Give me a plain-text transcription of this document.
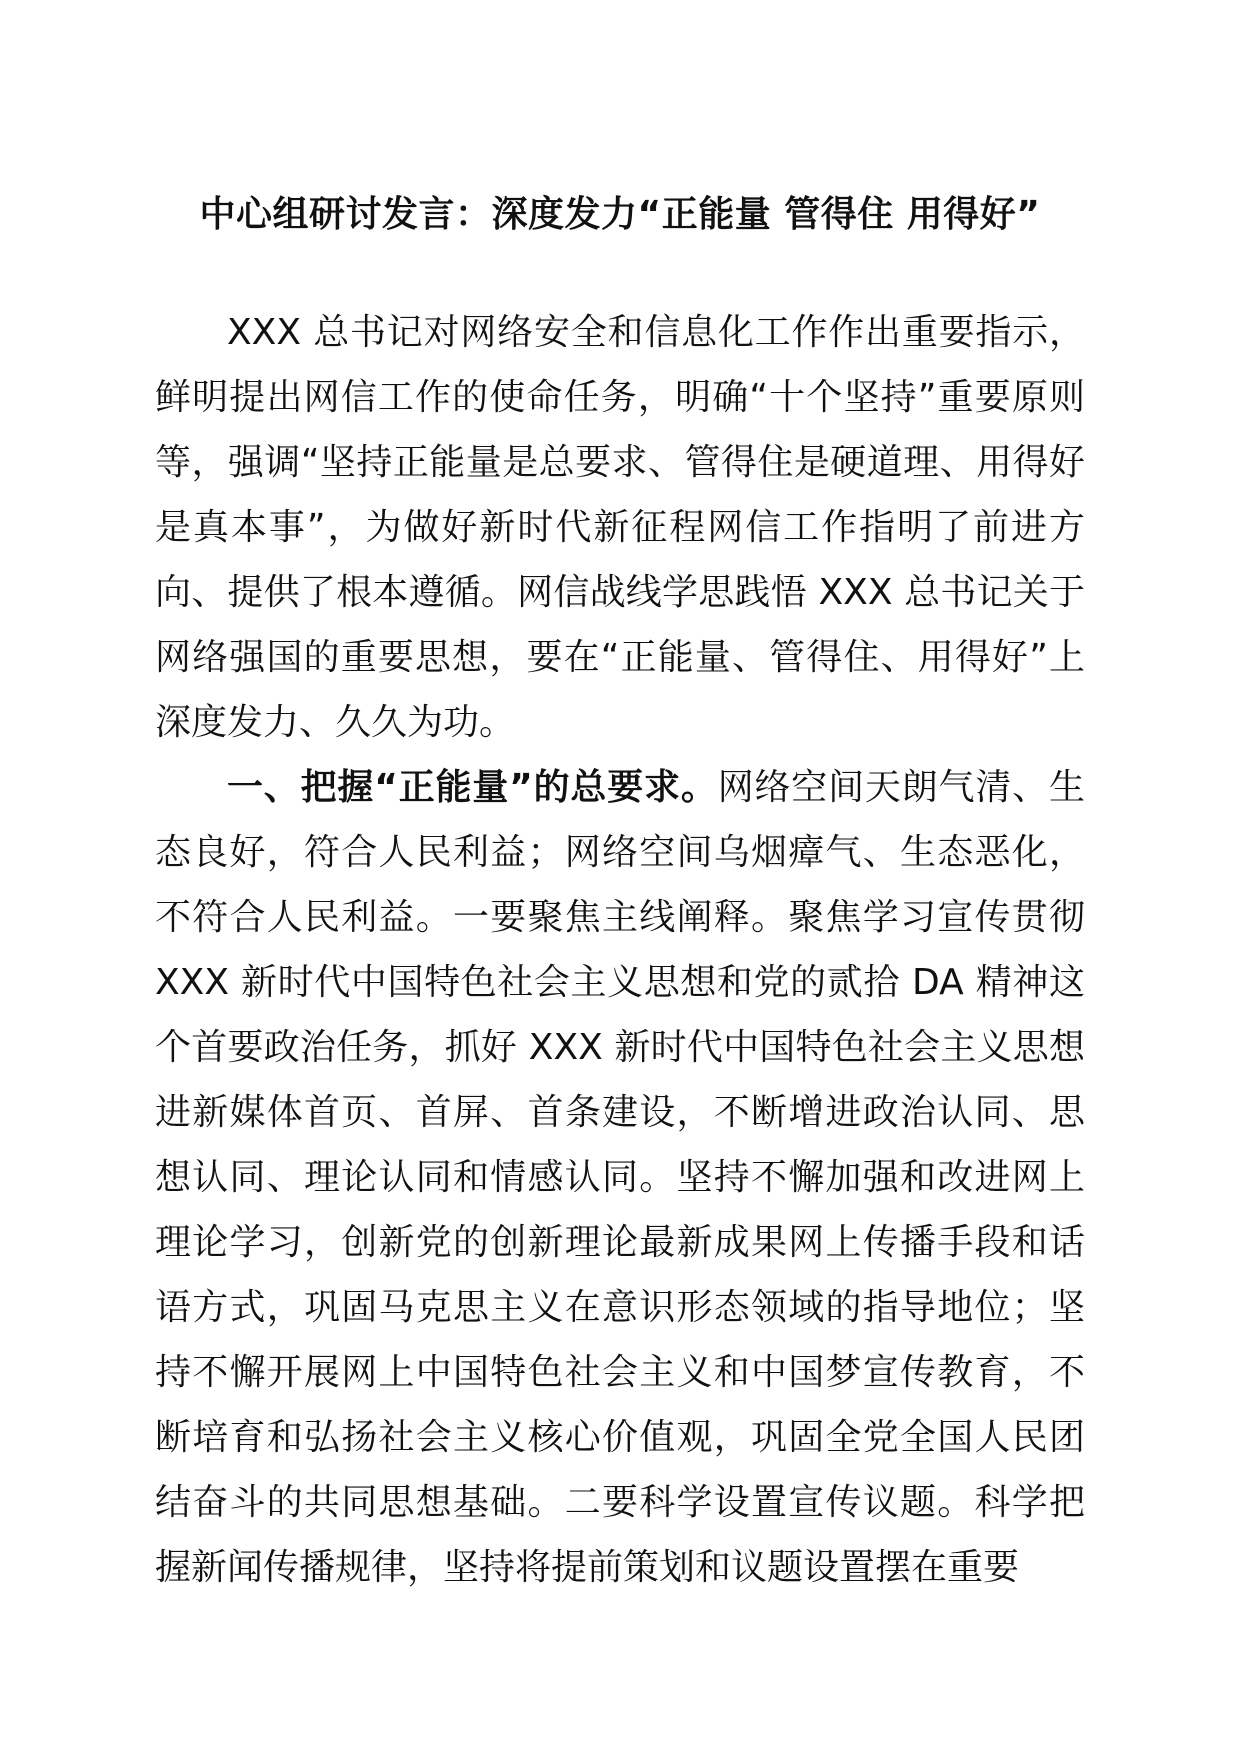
中心组研讨发言：深度发力“正能量 管得住 用得好”

XXX 总书记对网络安全和信息化工作作出重要指示，鲜明提出网信工作的使命任务，明确“十个坚持”重要原则等，强调“坚持正能量是总要求、管得住是硬道理、用得好是真本事”，为做好新时代新征程网信工作指明了前进方向、提供了根本遵循。网信战线学思践悟 XXX 总书记关于网络强国的重要思想，要在“正能量、管得住、用得好”上深度发力、久久为功。

一、把握“正能量”的总要求。网络空间天朗气清、生态良好，符合人民利益；网络空间乌烟瘴气、生态恶化，不符合人民利益。一要聚焦主线阐释。聚焦学习宣传贯彻 XXX 新时代中国特色社会主义思想和党的贰拾 DA 精神这个首要政治任务，抓好 XXX 新时代中国特色社会主义思想进新媒体首页、首屏、首条建设，不断增进政治认同、思想认同、理论认同和情感认同。坚持不懈加强和改进网上理论学习，创新党的创新理论最新成果网上传播手段和话语方式，巩固马克思主义在意识形态领域的指导地位；坚持不懈开展网上中国特色社会主义和中国梦宣传教育，不断培育和弘扬社会主义核心价值观，巩固全党全国人民团结奋斗的共同思想基础。二要科学设置宣传议题。科学把握新闻传播规律，坚持将提前策划和议题设置摆在重要
